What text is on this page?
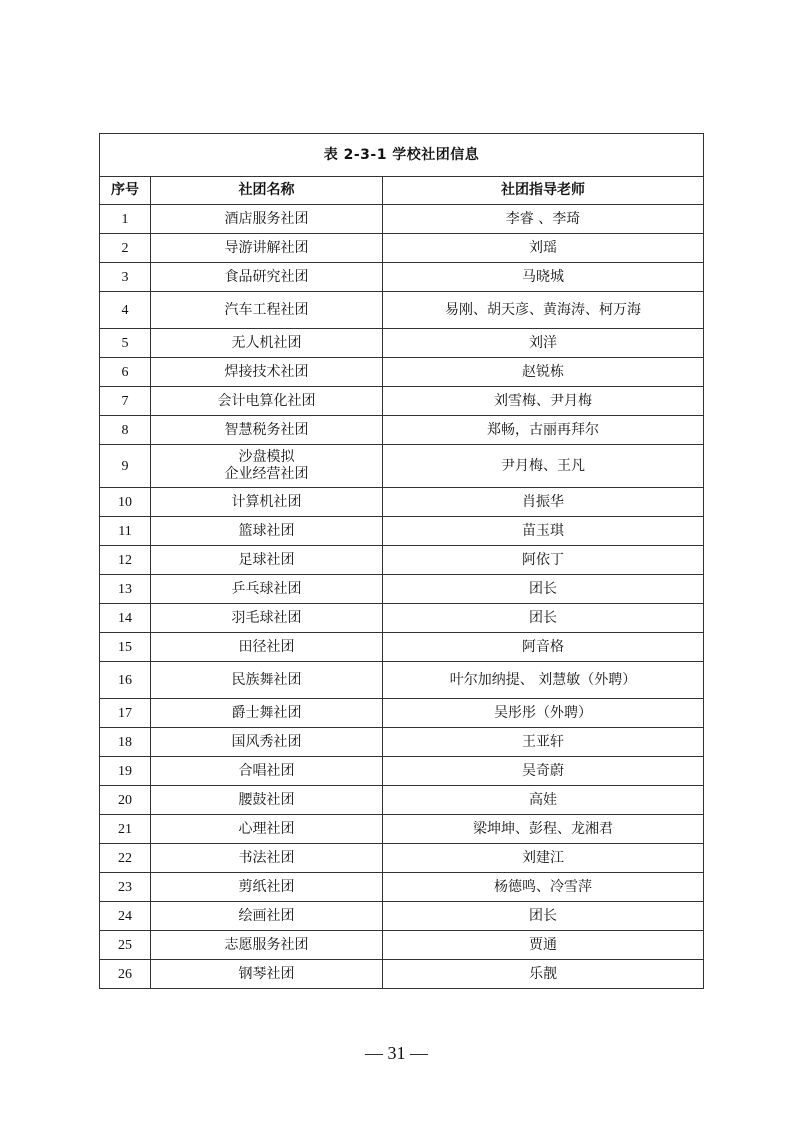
表 2-3-1 学校社团信息		
序号	社团名称	社团指导老师
1	酒店服务社团	李睿 、李琦
2	导游讲解社团	刘瑶
3	食品研究社团	马晓城
4	汽车工程社团	易刚、胡天彦、黄海涛、柯万海
5	无人机社团	刘洋
6	焊接技术社团	赵锐栋
7	会计电算化社团	刘雪梅、尹月梅
8	智慧税务社团	郑畅，古丽再拜尔
9	沙盘模拟
企业经营社团	尹月梅、王凡
10	计算机社团	肖振华
11	篮球社团	苗玉琪
12	足球社团	阿依丁
13	乒乓球社团	团长
14	羽毛球社团	团长
15	田径社团	阿音格
16	民族舞社团	叶尔加纳提、 刘慧敏（外聘）
17	爵士舞社团	吴彤彤（外聘）
18	国风秀社团	王亚轩
19	合唱社团	吴奇蔚
20	腰鼓社团	高娃
21	心理社团	梁坤坤、彭程、龙湘君
22	书法社团	刘建江
23	剪纸社团	杨德鸣、冷雪萍
24	绘画社团	团长
25	志愿服务社团	贾通
26	钢琴社团	乐靓
— 31 —
